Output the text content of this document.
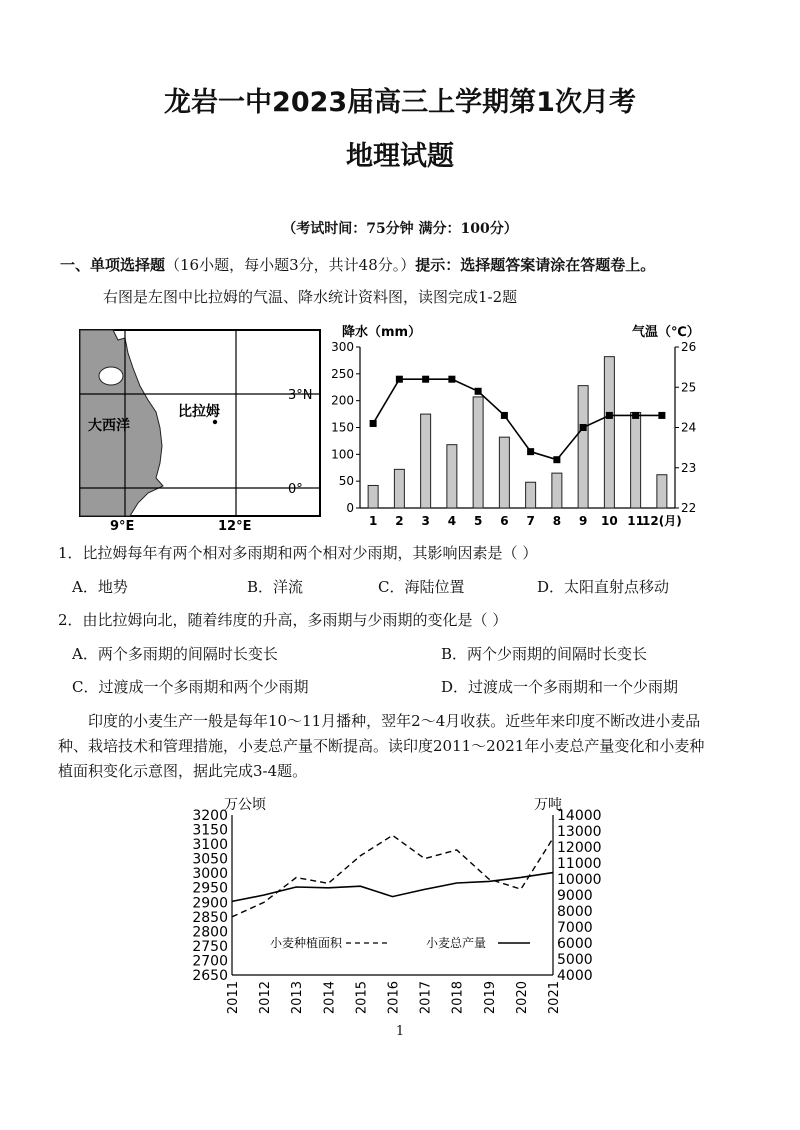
龙岩一中2023届高三上学期第1次月考
地理试题
（考试时间：75分钟 满分：100分）
一、单项选择题（16小题，每小题3分，共计48分。）提示：选择题答案请涂在答题卷上。
右图是左图中比拉姆的气温、降水统计资料图，读图完成1-2题
大西洋
比拉姆
3°N
0°
9°E	12°E
降水（mm）	气温（℃）
0
50
100
150
200
250
300
22
23
24
25
26
1 2 3 4 5 6 7 8 9 10 11
12(月)
1．比拉姆每年有两个相对多雨期和两个相对少雨期，其影响因素是（ ）
A．地势	B．洋流	C．海陆位置	D．太阳直射点移动
2．由比拉姆向北，随着纬度的升高，多雨期与少雨期的变化是（ ）
A．两个多雨期的间隔时长变长	B．两个少雨期的间隔时长变长
C．过渡成一个多雨期和两个少雨期	D．过渡成一个多雨期和一个少雨期
印度的小麦生产一般是每年10～11月播种，翌年2～4月收获。近些年来印度不断改进小麦品
种、栽培技术和管理措施，小麦总产量不断提高。读印度2011～2021年小麦总产量变化和小麦种
植面积变化示意图，据此完成3-4题。
万公顷	万吨
2650
2700
2750
2800
2850
2900
2950
3000
3050
3100
3150
3200
4000
5000
6000
7000
8000
9000
10000
11000
12000
13000
14000
2011 2012 2013 2014 2015 2016 2017 2018 2019 2020 2021
小麦种植面积	小麦总产量
1
